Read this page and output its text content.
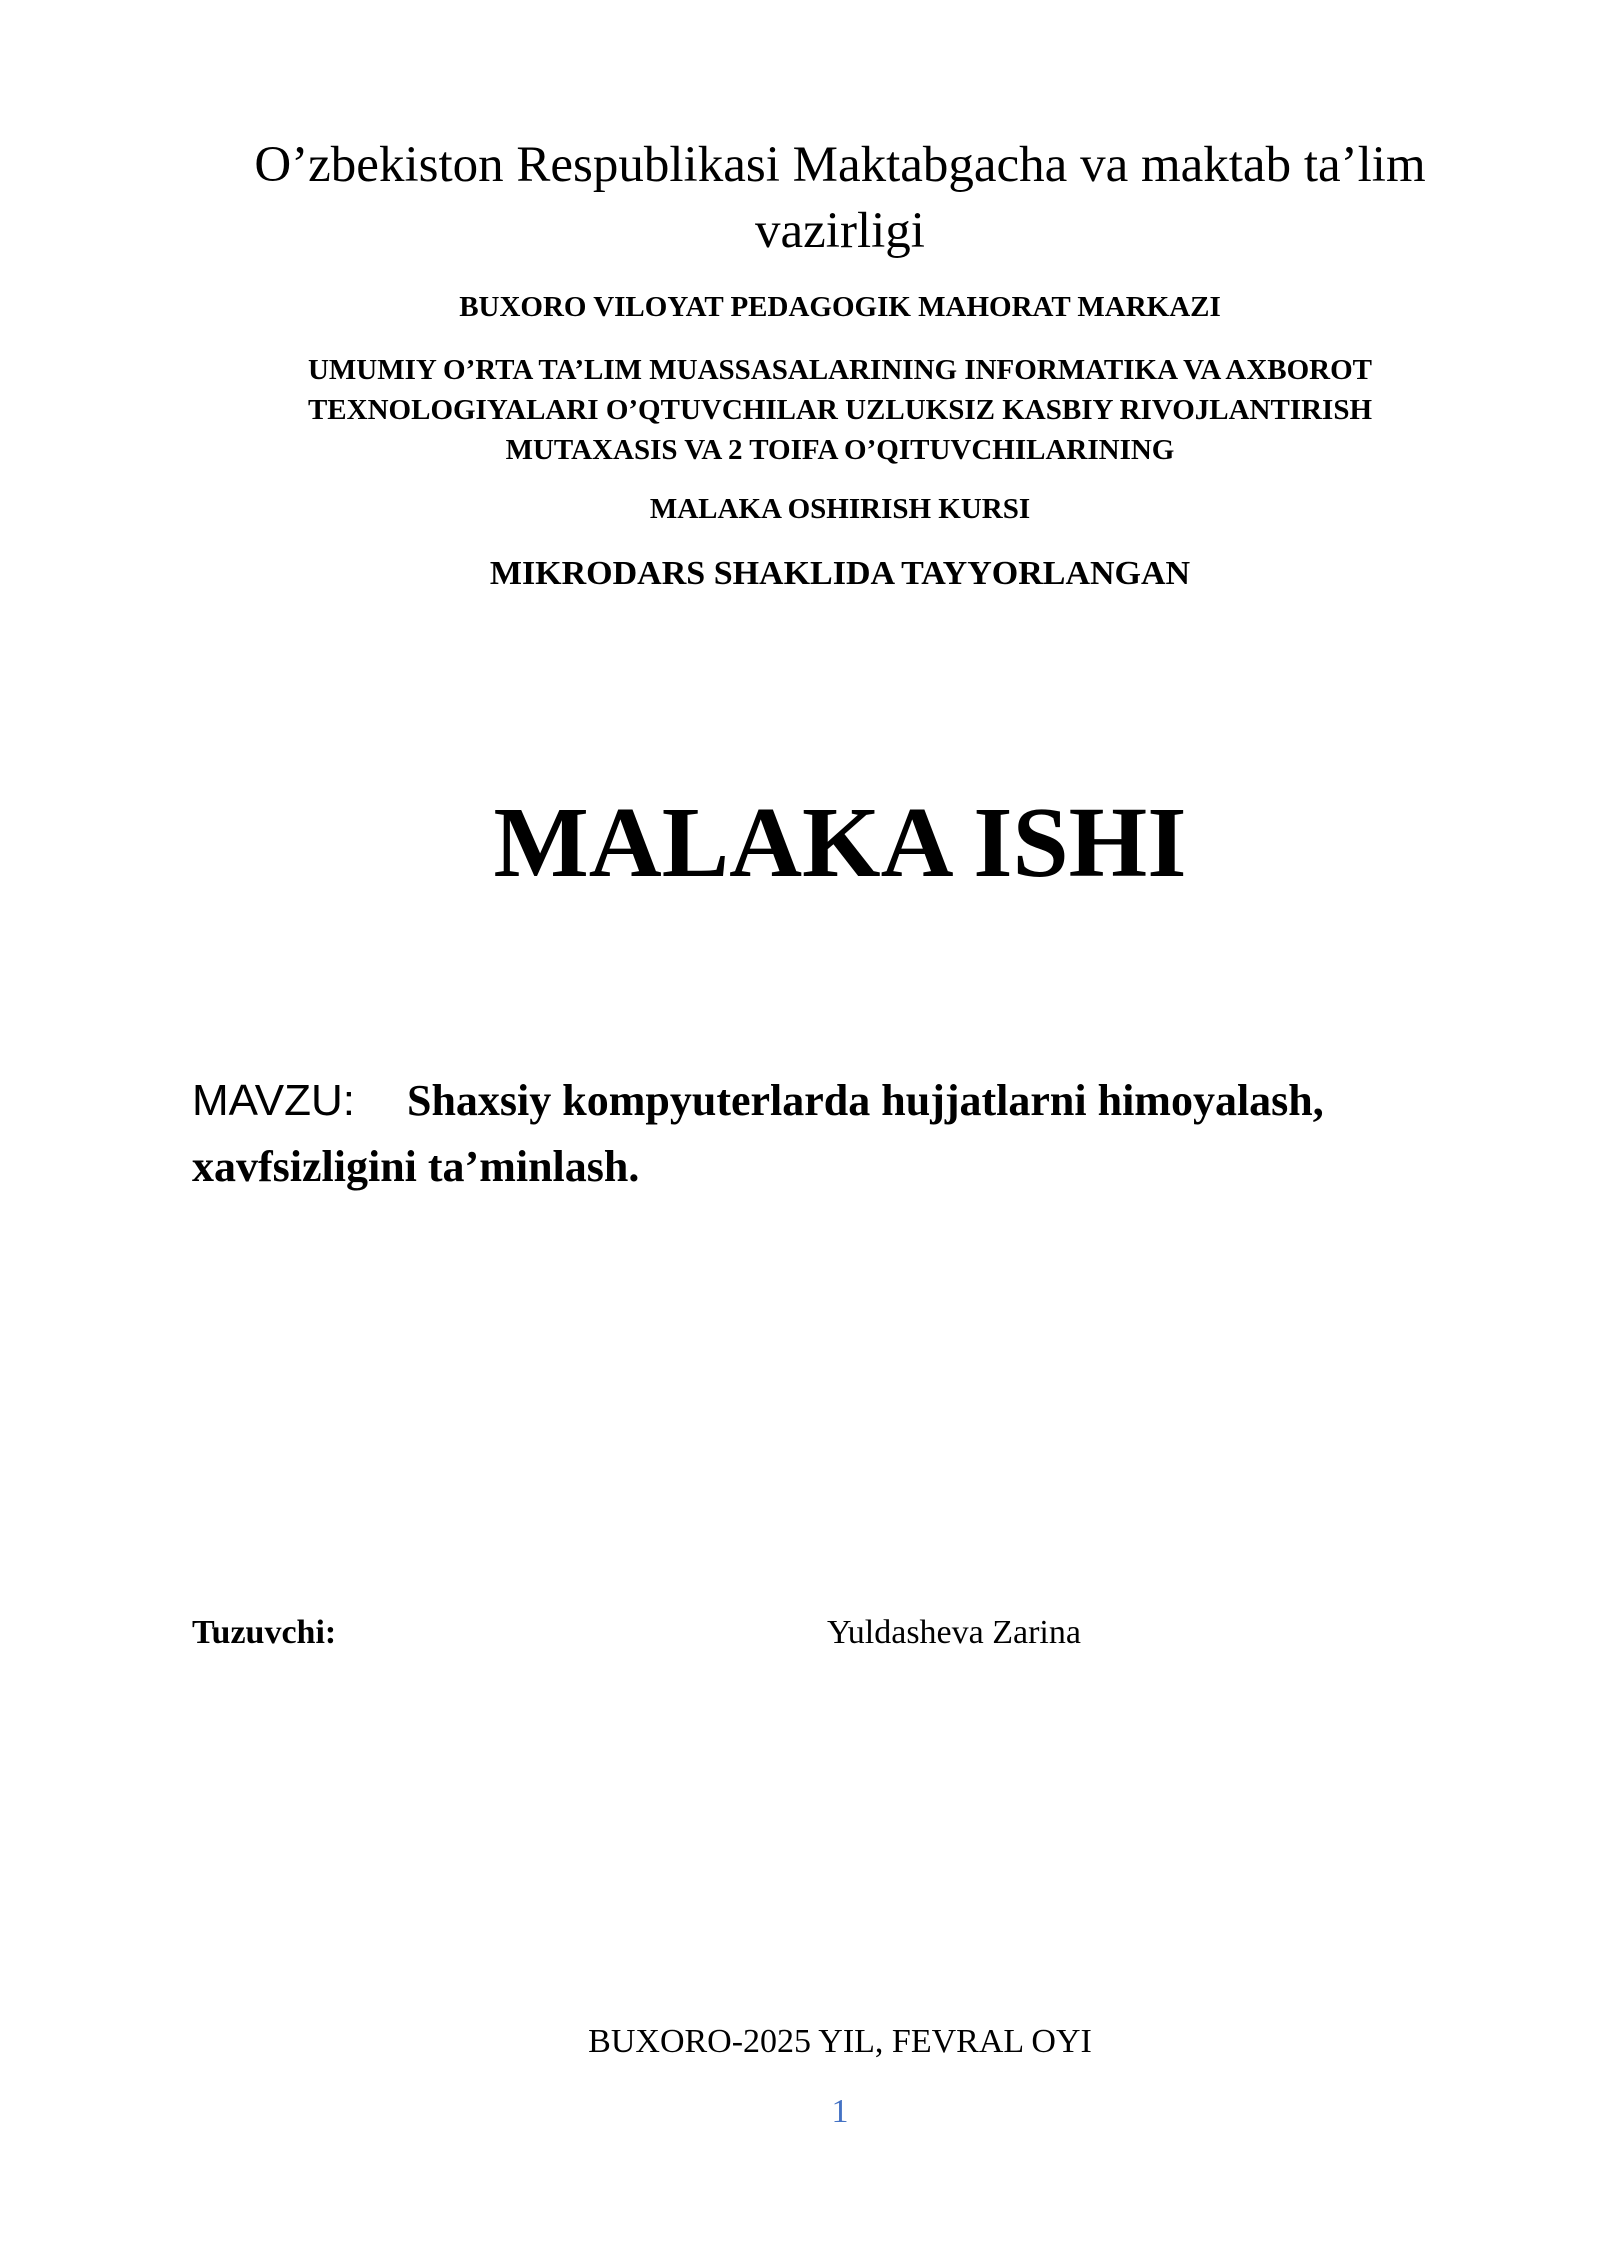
O’zbekiston Respublikasi Maktabgacha va maktab ta’lim vazirligi

BUXORO VILOYAT PEDAGOGIK MAHORAT MARKAZI

UMUMIY O’RTA TA’LIM MUASSASALARINING INFORMATIKA VA AXBOROT
TEXNOLOGIYALARI O’QTUVCHILAR UZLUKSIZ KASBIY RIVOJLANTIRISH
MUTAXASIS VA 2 TOIFA O’QITUVCHILARINING

MALAKA OSHIRISH KURSI

MIKRODARS SHAKLIDA TAYYORLANGAN

MALAKA ISHI

MAVZU: Shaxsiy kompyuterlarda hujjatlarni himoyalash, xavfsizligini ta’minlash.

Tuzuvchi:	Yuldasheva Zarina

BUXORO-2025 YIL, FEVRAL OYI

1
